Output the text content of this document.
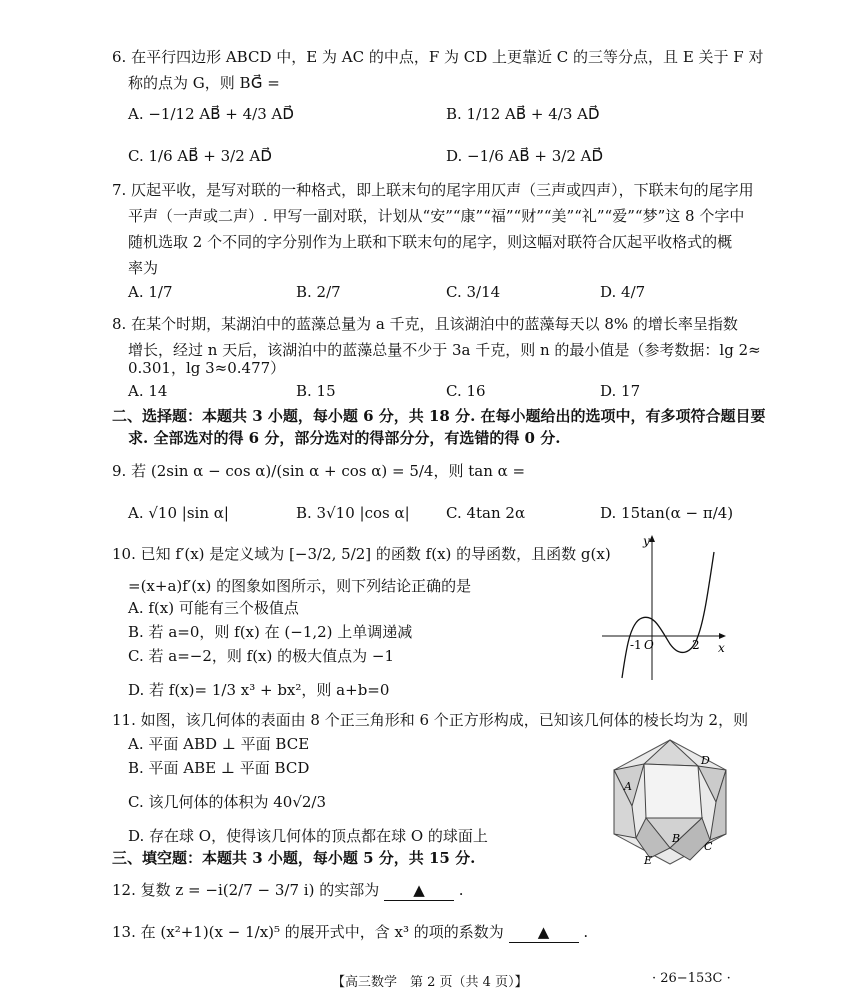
6. 在平行四边形 ABCD 中，E 为 AC 的中点，F 为 CD 上更靠近 C 的三等分点，且 E 关于 F 对
称的点为 G，则 BG⃗ =
A. −1/12 AB⃗ + 4/3 AD⃗	B. 1/12 AB⃗ + 4/3 AD⃗
C. 1/6 AB⃗ + 3/2 AD⃗	D. −1/6 AB⃗ + 3/2 AD⃗
7. 仄起平收，是写对联的一种格式，即上联末句的尾字用仄声（三声或四声），下联末句的尾字用
平声（一声或二声）. 甲写一副对联，计划从“安”“康”“福”“财”“美”“礼”“爱”“梦”这 8 个字中
随机选取 2 个不同的字分别作为上联和下联末句的尾字，则这幅对联符合仄起平收格式的概
率为
A. 1/7	B. 2/7	C. 3/14	D. 4/7
8. 在某个时期，某湖泊中的蓝藻总量为 a 千克，且该湖泊中的蓝藻每天以 8% 的增长率呈指数
增长，经过 n 天后，该湖泊中的蓝藻总量不少于 3a 千克，则 n 的最小值是（参考数据：lg 2≈
0.301，lg 3≈0.477）
A. 14	B. 15	C. 16	D. 17
二、选择题：本题共 3 小题，每小题 6 分，共 18 分. 在每小题给出的选项中，有多项符合题目要
求. 全部选对的得 6 分，部分选对的得部分分，有选错的得 0 分.
9. 若 (2sin α − cos α)/(sin α + cos α) = 5/4，则 tan α =
A. √10 |sin α|	B. 3√10 |cos α| C. 4tan 2α	D. 15tan(α − π/4)
10. 已知 f′(x) 是定义域为 [−3/2, 5/2] 的函数 f(x) 的导函数，且函数 g(x)
=(x+a)f′(x) 的图象如图所示，则下列结论正确的是
A. f(x) 可能有三个极值点
B. 若 a=0，则 f(x) 在 (−1,2) 上单调递减
C. 若 a=−2，则 f(x) 的极大值点为 −1
D. 若 f(x)= 1/3 x³ + bx²，则 a+b=0
y
x
O
-1	2
11. 如图，该几何体的表面由 8 个正三角形和 6 个正方形构成，已知该几何体的棱长均为 2，则
A. 平面 ABD ⊥ 平面 BCE
B. 平面 ABE ⊥ 平面 BCD
C. 该几何体的体积为 40√2/3
D. 存在球 O，使得该几何体的顶点都在球 O 的球面上
A
B
C
D
E
三、填空题：本题共 3 小题，每小题 5 分，共 15 分.
12. 复数 z = −i(2/7 − 3/7 i) 的实部为 ▲ .
13. 在 (x²+1)(x − 1/x)⁵ 的展开式中，含 x³ 的项的系数为 ▲ .
【高三数学　第 2 页（共 4 页）】	· 26−153C ·
